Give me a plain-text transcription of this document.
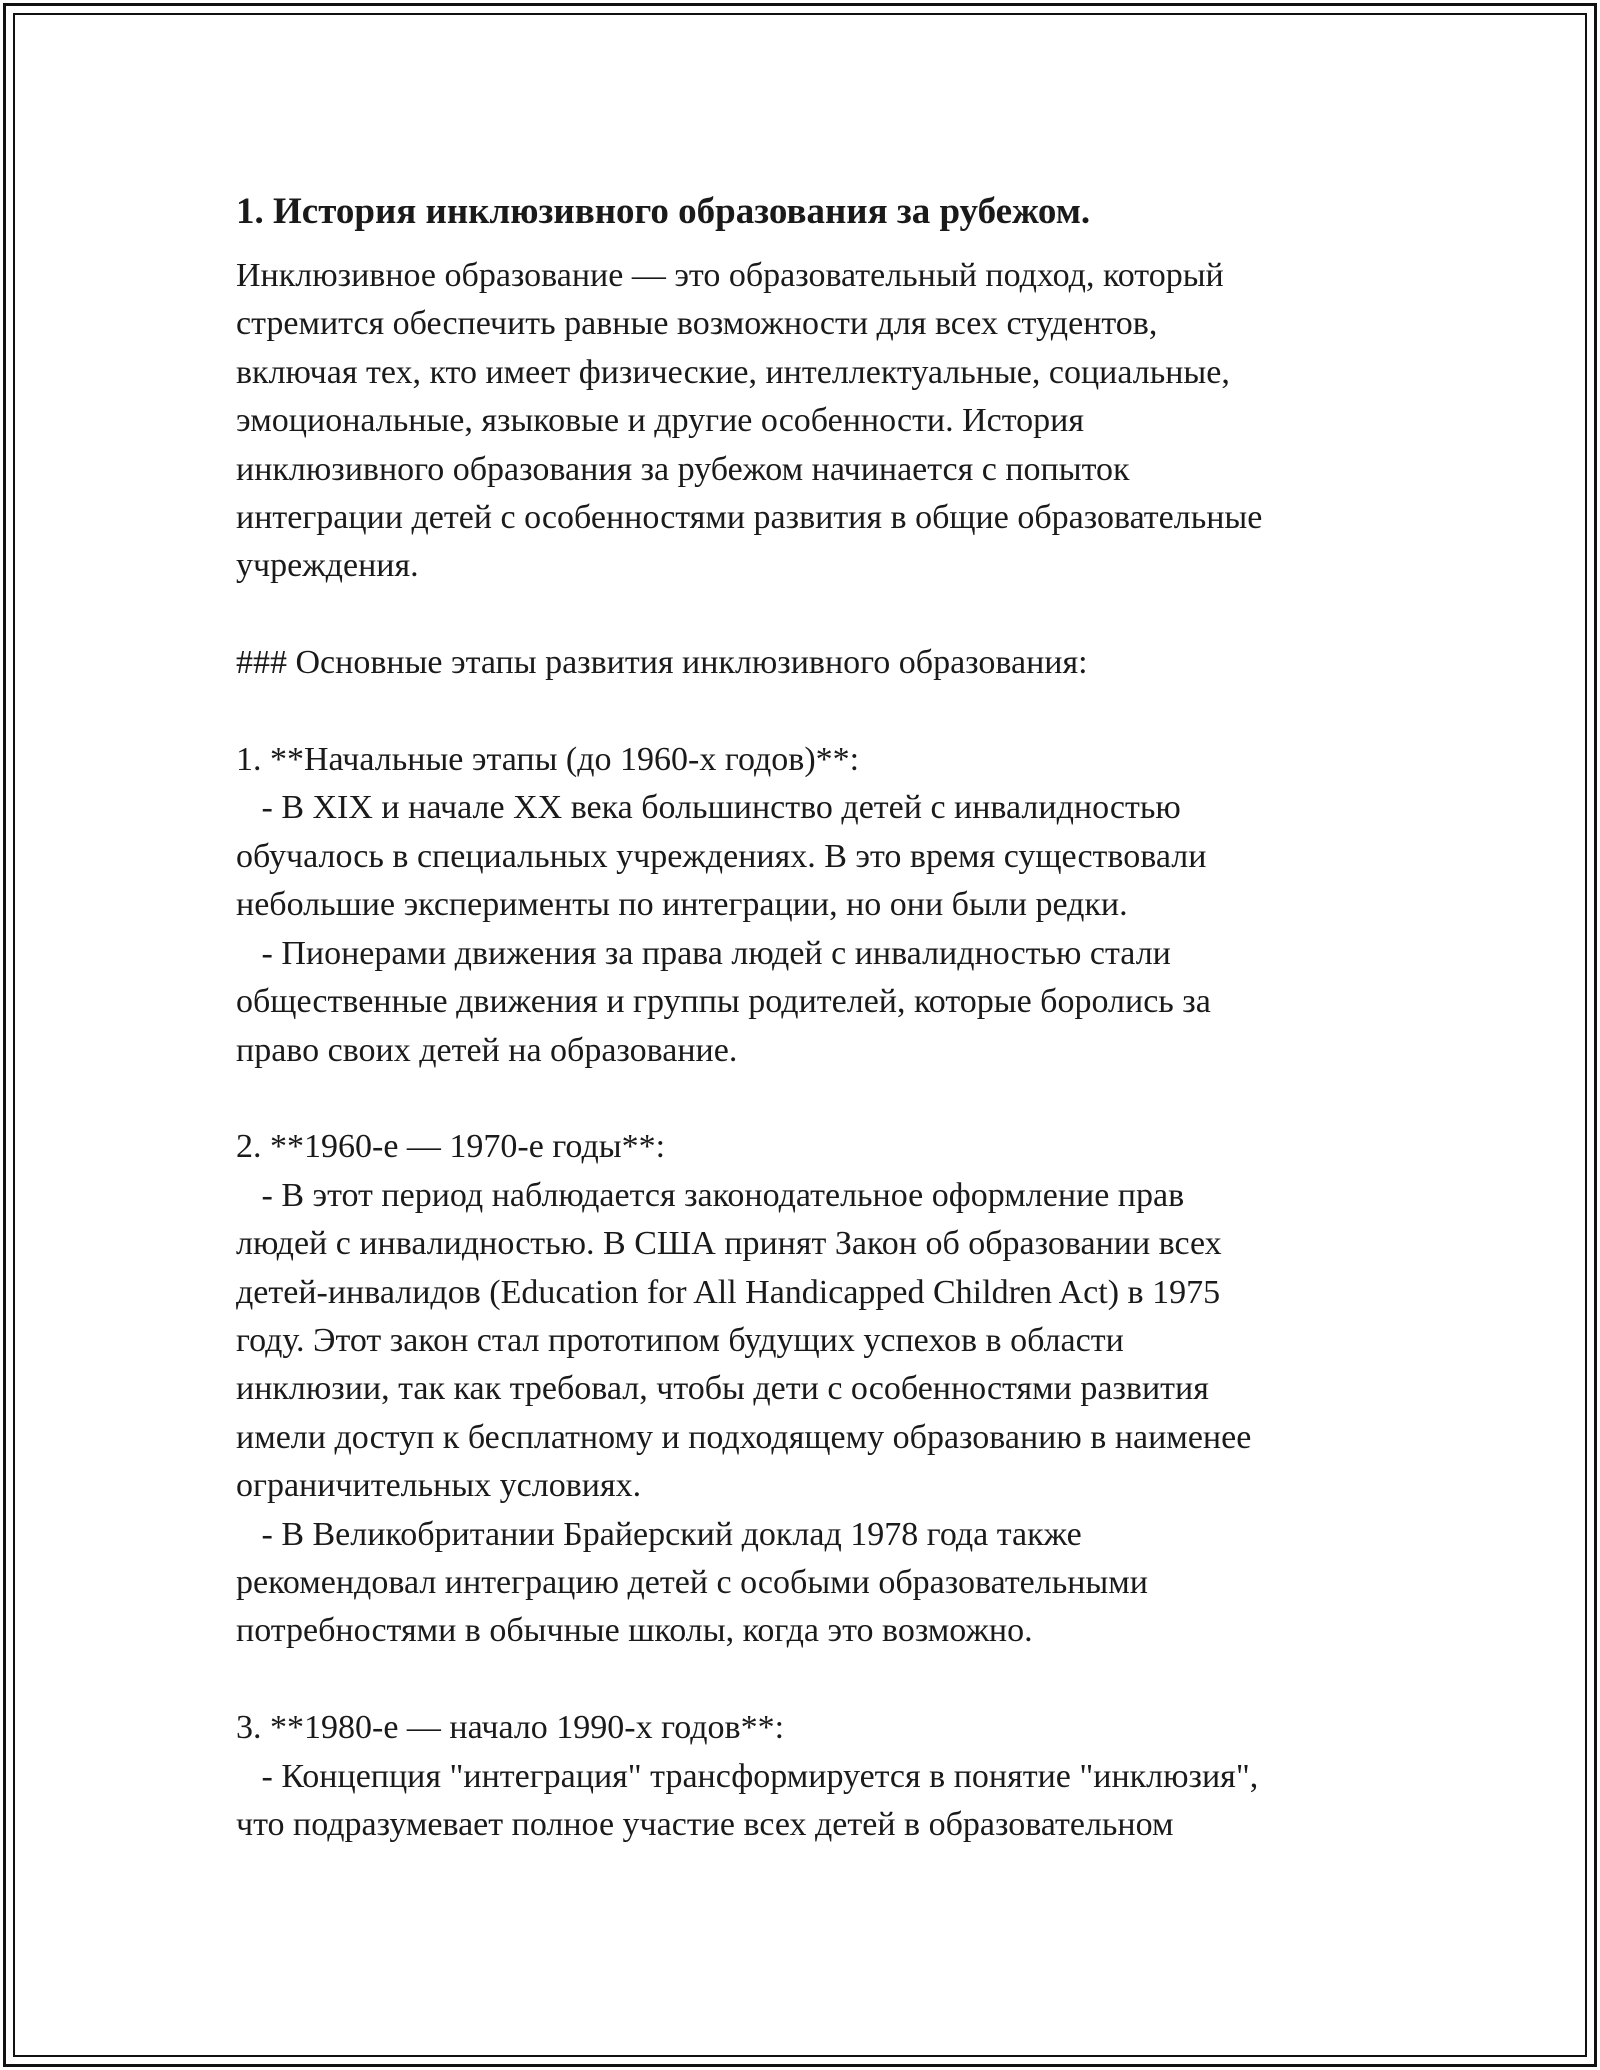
1. История инклюзивного образования за рубежом.

Инклюзивное образование — это образовательный подход, который
стремится обеспечить равные возможности для всех студентов,
включая тех, кто имеет физические, интеллектуальные, социальные,
эмоциональные, языковые и другие особенности. История
инклюзивного образования за рубежом начинается с попыток
интеграции детей с особенностями развития в общие образовательные
учреждения.

### Основные этапы развития инклюзивного образования:

1. **Начальные этапы (до 1960-х годов)**:
- В XIX и начале XX века большинство детей с инвалидностью
обучалось в специальных учреждениях. В это время существовали
небольшие эксперименты по интеграции, но они были редки.
- Пионерами движения за права людей с инвалидностью стали
общественные движения и группы родителей, которые боролись за
право своих детей на образование.

2. **1960-е — 1970-е годы**:
- В этот период наблюдается законодательное оформление прав
людей с инвалидностью. В США принят Закон об образовании всех
детей-инвалидов (Education for All Handicapped Children Act) в 1975
году. Этот закон стал прототипом будущих успехов в области
инклюзии, так как требовал, чтобы дети с особенностями развития
имели доступ к бесплатному и подходящему образованию в наименее
ограничительных условиях.
- В Великобритании Брайерский доклад 1978 года также
рекомендовал интеграцию детей с особыми образовательными
потребностями в обычные школы, когда это возможно.

3. **1980-е — начало 1990-х годов**:
- Концепция "интеграция" трансформируется в понятие "инклюзия",
что подразумевает полное участие всех детей в образовательном
